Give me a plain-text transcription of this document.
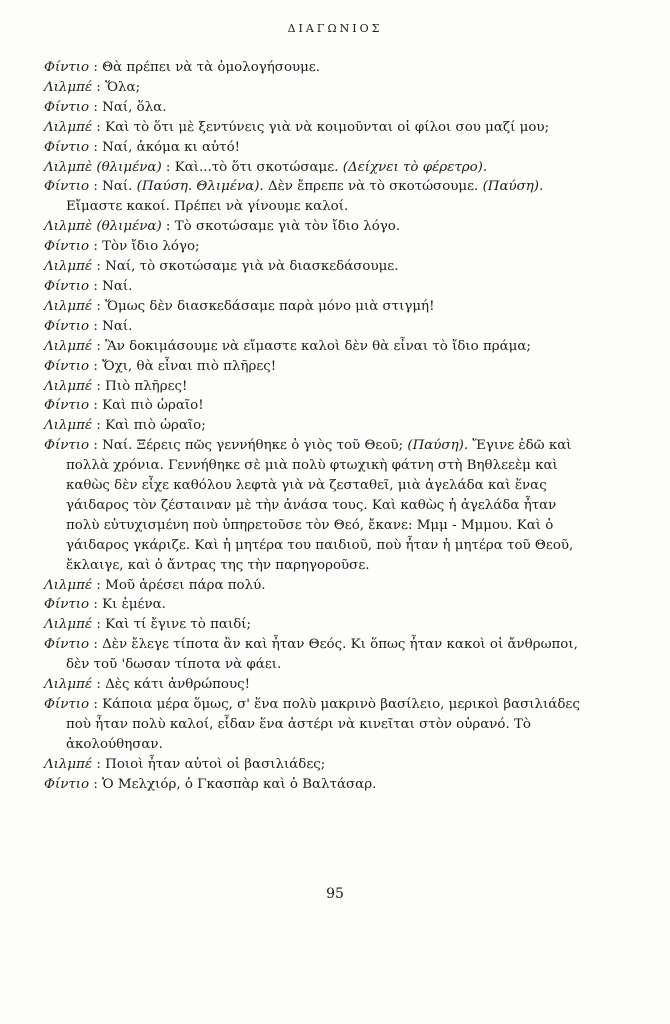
ΔΙΑΓΩΝΙΟΣ
Φίντιο : Θὰ πρέπει νὰ τὰ ὁμολογήσουμε.
Λιλμπέ : Ὅλα;
Φίντιο : Ναί, ὅλα.
Λιλμπέ : Καὶ τὸ ὅτι μὲ ξεντύνεις γιὰ νὰ κοιμοῦνται οἱ φίλοι σου μαζί μου;
Φίντιο : Ναί, ἀκόμα κι αὐτό!
Λιλμπὲ (θλιμένα) : Καὶ...τὸ ὅτι σκοτώσαμε. (Δείχνει τὸ φέρετρο).
Φίντιο : Ναί. (Παύση. Θλιμένα). Δὲν ἔπρεπε νὰ τὸ σκοτώσουμε. (Παύση). Εἴμαστε κακοί. Πρέπει νὰ γίνουμε καλοί.
Λιλμπὲ (θλιμένα) : Τὸ σκοτώσαμε γιὰ τὸν ἴδιο λόγο.
Φίντιο : Τὸν ἴδιο λόγο;
Λιλμπέ : Ναί, τὸ σκοτώσαμε γιὰ νὰ διασκεδάσουμε.
Φίντιο : Ναί.
Λιλμπέ : Ὅμως δὲν διασκεδάσαμε παρὰ μόνο μιὰ στιγμή!
Φίντιο : Ναί.
Λιλμπέ : Ἂν δοκιμάσουμε νὰ εἴμαστε καλοὶ δὲν θὰ εἶναι τὸ ἴδιο πράμα;
Φίντιο : Ὄχι, θὰ εἶναι πιὸ πλῆρες!
Λιλμπέ : Πιὸ πλῆρες!
Φίντιο : Καὶ πιὸ ὡραῖο!
Λιλμπέ : Καὶ πιὸ ὡραῖο;
Φίντιο : Ναί. Ξέρεις πῶς γεννήθηκε ὁ γιὸς τοῦ Θεοῦ; (Παύση). Ἔγινε ἐδῶ καὶ πολλὰ χρόνια. Γεννήθηκε σὲ μιὰ πολὺ φτωχικὴ φάτνη στὴ Βηθλεεὲμ καὶ καθὼς δὲν εἶχε καθόλου λεφτὰ γιὰ νὰ ζεσταθεῖ, μιὰ ἀγελάδα καὶ ἕνας γάιδαρος τὸν ζέσταιναν μὲ τὴν ἀνάσα τους. Καὶ καθὼς ἡ ἀγελάδα ἦταν πολὺ εὐτυχισμένη ποὺ ὑπηρετοῦσε τὸν Θεό, ἔκανε: Μμμ - Μμμου. Καὶ ὁ γάιδαρος γκάριζε. Καὶ ἡ μητέρα του παιδιοῦ, ποὺ ἦταν ἡ μητέρα τοῦ Θεοῦ, ἔκλαιγε, καὶ ὁ ἄντρας της τὴν παρηγοροῦσε.
Λιλμπέ : Μοῦ ἀρέσει πάρα πολύ.
Φίντιο : Κι ἐμένα.
Λιλμπέ : Καὶ τί ἔγινε τὸ παιδί;
Φίντιο : Δὲν ἔλεγε τίποτα ἂν καὶ ἦταν Θεός. Κι ὅπως ἦταν κακοὶ οἱ ἄνθρωποι, δὲν τοῦ 'δωσαν τίποτα νὰ φάει.
Λιλμπέ : Δὲς κάτι ἀνθρώπους!
Φίντιο : Κάποια μέρα ὅμως, σ' ἕνα πολὺ μακρινὸ βασίλειο, μερικοὶ βασιλιάδες ποὺ ἦταν πολὺ καλοί, εἶδαν ἕνα ἀστέρι νὰ κινεῖται στὸν οὐρανό. Τὸ ἀκολούθησαν.
Λιλμπέ : Ποιοὶ ἦταν αὐτοὶ οἱ βασιλιάδες;
Φίντιο : Ὁ Μελχιόρ, ὁ Γκασπὰρ καὶ ὁ Βαλτάσαρ.
95
